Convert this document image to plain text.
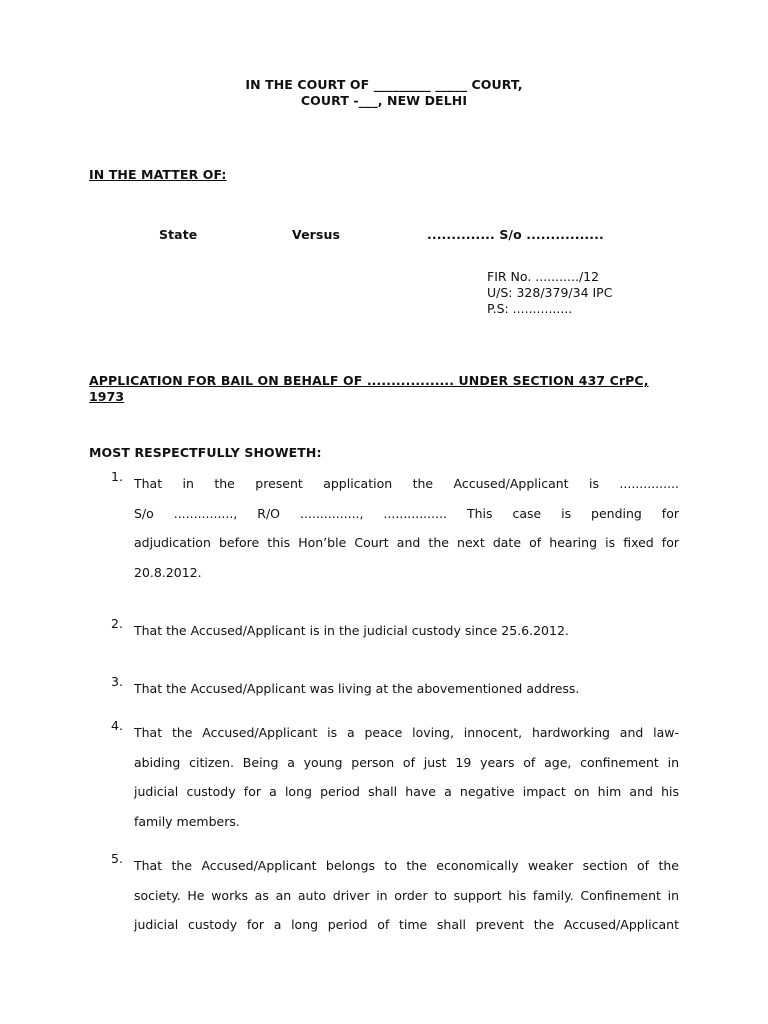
IN THE COURT OF _________ _____ COURT,
COURT -___, NEW DELHI
IN THE MATTER OF:
State	Versus	.............. S/o ................
FIR No. .........../12
U/S: 328/379/34 IPC
P.S: ...............
APPLICATION FOR BAIL ON BEHALF OF .................. UNDER SECTION 437 CrPC, 1973
MOST RESPECTFULLY SHOWETH:
1. That in the present application the Accused/Applicant is ...............
S/o ..............., R/O ..............., ................ This case is pending for
adjudication before this Hon’ble Court and the next date of hearing is fixed for
20.8.2012.
2. That the Accused/Applicant is in the judicial custody since 25.6.2012.
3. That the Accused/Applicant was living at the abovementioned address.
4. That the Accused/Applicant is a peace loving, innocent, hardworking and law-
abiding citizen. Being a young person of just 19 years of age, confinement in
judicial custody for a long period shall have a negative impact on him and his
family members.
5. That the Accused/Applicant belongs to the economically weaker section of the
society. He works as an auto driver in order to support his family. Confinement in
judicial custody for a long period of time shall prevent the Accused/Applicant
